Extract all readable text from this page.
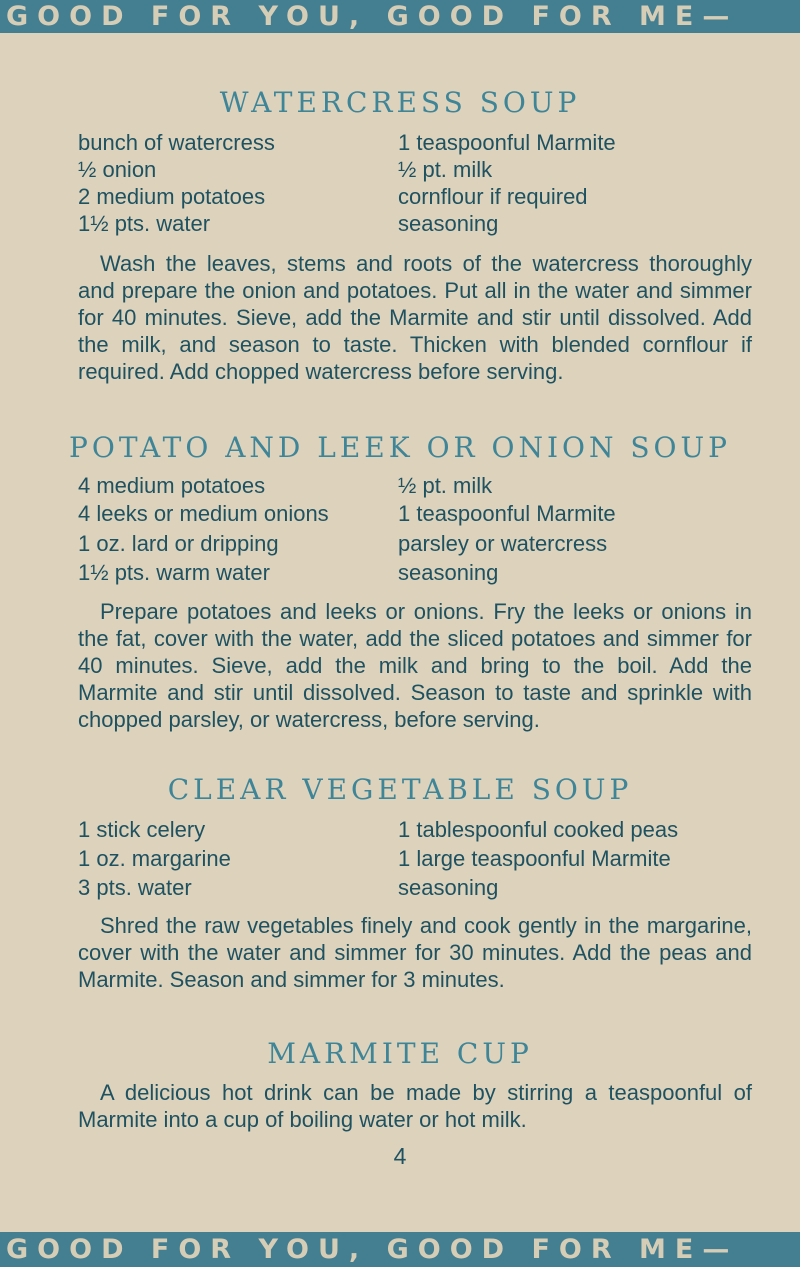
GOOD FOR YOU, GOOD FOR ME—
WATERCRESS SOUP
bunch of watercress
½ onion
2 medium potatoes
1½ pts. water
1 teaspoonful Marmite
½ pt. milk
cornflour if required
seasoning
Wash the leaves, stems and roots of the watercress thoroughly and prepare the onion and potatoes. Put all in the water and simmer for 40 minutes. Sieve, add the Marmite and stir until dissolved. Add the milk, and season to taste. Thicken with blended cornflour if required. Add chopped watercress before serving.
POTATO AND LEEK OR ONION SOUP
4 medium potatoes
4 leeks or medium onions
1 oz. lard or dripping
1½ pts. warm water
½ pt. milk
1 teaspoonful Marmite
parsley or watercress
seasoning
Prepare potatoes and leeks or onions. Fry the leeks or onions in the fat, cover with the water, add the sliced potatoes and simmer for 40 minutes. Sieve, add the milk and bring to the boil. Add the Marmite and stir until dissolved. Season to taste and sprinkle with chopped parsley, or watercress, before serving.
CLEAR VEGETABLE SOUP
1 stick celery
1 oz. margarine
3 pts. water
1 tablespoonful cooked peas
1 large teaspoonful Marmite
seasoning
Shred the raw vegetables finely and cook gently in the margarine, cover with the water and simmer for 30 minutes. Add the peas and Marmite. Season and simmer for 3 minutes.
MARMITE CUP
A delicious hot drink can be made by stirring a teaspoonful of Marmite into a cup of boiling water or hot milk.
4
GOOD FOR YOU, GOOD FOR ME—
